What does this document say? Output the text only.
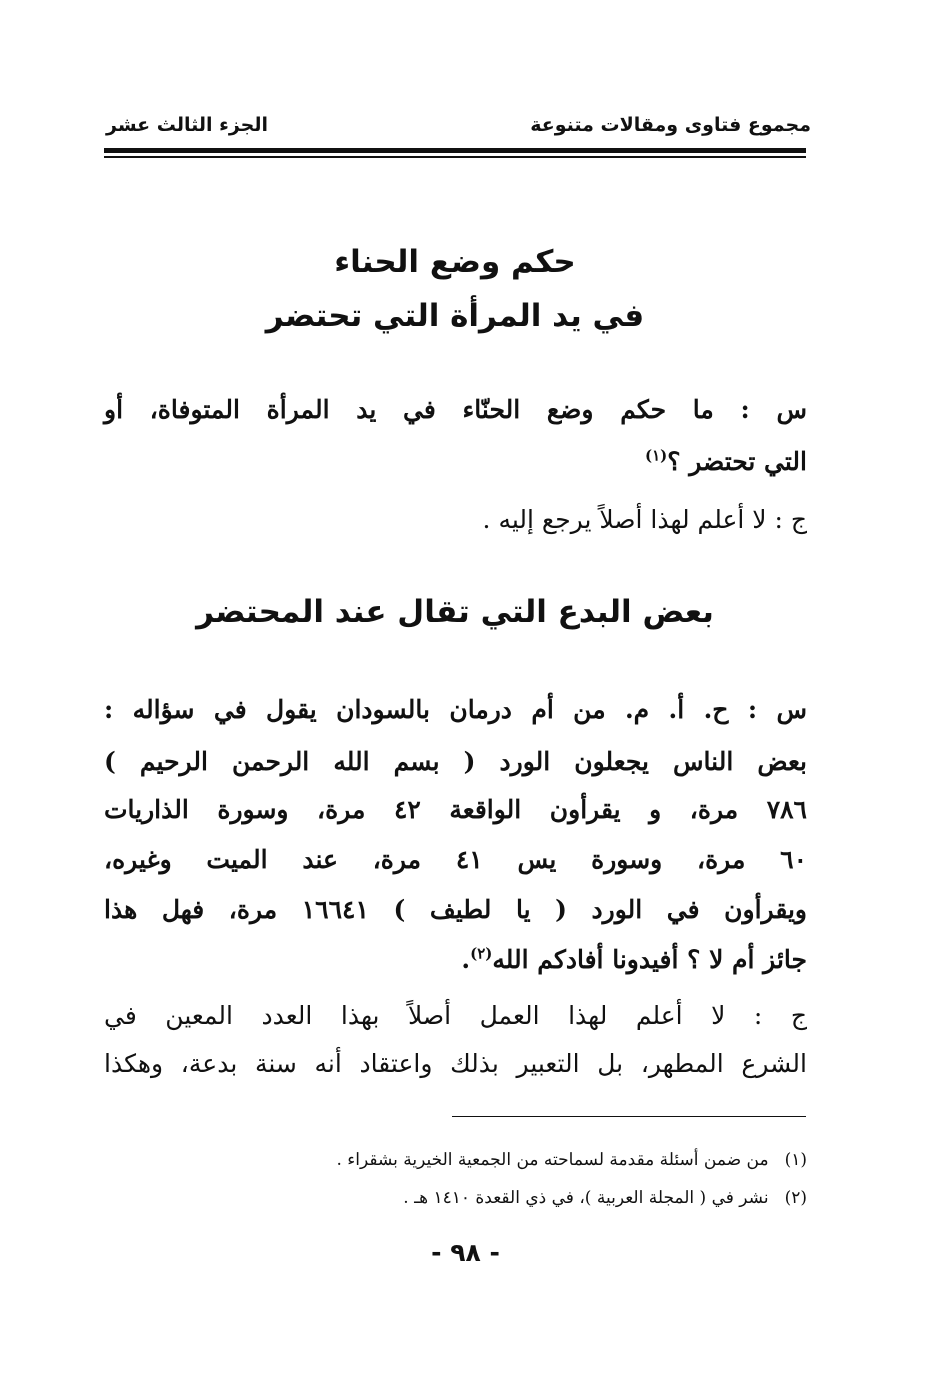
مجموع فتاوى ومقالات متنوعة
الجزء الثالث عشر
حكم وضع الحناء
في يد المرأة التي تحتضر
س : ما حكم وضع الحنّاء في يد المرأة المتوفاة، أو
التي تحتضر ؟$^{(١)}$
ج : لا أعلم لهذا أصلاً يرجع إليه .
بعض البدع التي تقال عند المحتضر
س : ح. أ. م. من أم درمان بالسودان يقول في سؤاله :
بعض الناس يجعلون الورد ( بسم الله الرحمن الرحيم )
٧٨٦ مرة، و يقرأون الواقعة ٤٢ مرة، وسورة الذاريات
٦٠ مرة، وسورة يس ٤١ مرة، عند الميت وغيره،
ويقرأون في الورد ( يا لطيف ) ١٦٦٤١ مرة، فهل هذا
جائز أم لا ؟ أفيدونا أفادكم الله$^{(٢)}$.
ج : لا أعلم لهذا العمل أصلاً بهذا العدد المعين في
الشرع المطهر، بل التعبير بذلك واعتقاد أنه سنة بدعة، وهكذا
(١)من ضمن أسئلة مقدمة لسماحته من الجمعية الخيرية بشقراء .
(٢)نشر في ( المجلة العربية )، في ذي القعدة ١٤١٠ هـ .
- ٩٨ -
